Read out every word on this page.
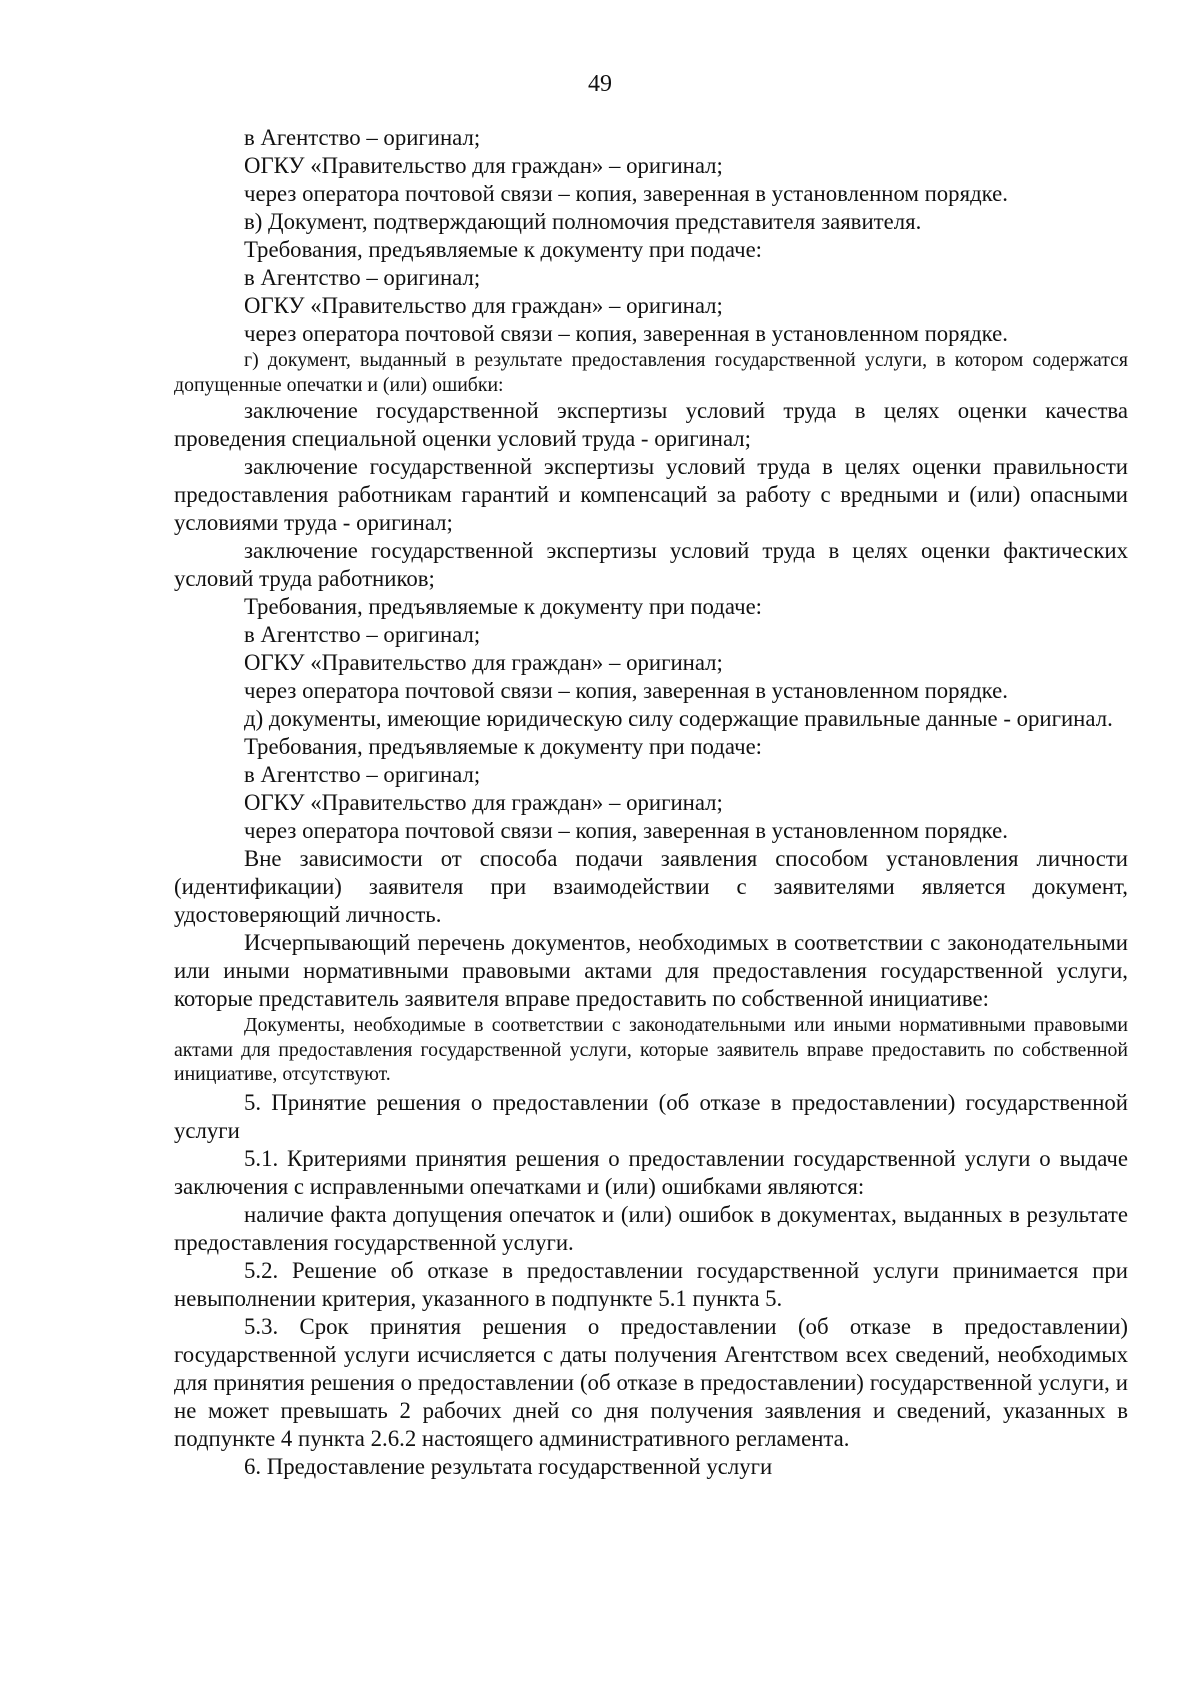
49

в Агентство – оригинал;

ОГКУ «Правительство для граждан» – оригинал;

через оператора почтовой связи – копия, заверенная в установленном порядке.

в) Документ, подтверждающий полномочия представителя заявителя.

Требования, предъявляемые к документу при подаче:

в Агентство – оригинал;

ОГКУ «Правительство для граждан» – оригинал;

через оператора почтовой связи – копия, заверенная в установленном порядке.

г) документ, выданный в результате предоставления государственной услуги, в котором содержатся допущенные опечатки и (или) ошибки:

заключение государственной экспертизы условий труда в целях оценки качества проведения специальной оценки условий труда - оригинал;

заключение государственной экспертизы условий труда в целях оценки правильности предоставления работникам гарантий и компенсаций за работу с вредными и (или) опасными условиями труда - оригинал;

заключение государственной экспертизы условий труда в целях оценки фактических условий труда работников;

Требования, предъявляемые к документу при подаче:

в Агентство – оригинал;

ОГКУ «Правительство для граждан» – оригинал;

через оператора почтовой связи – копия, заверенная в установленном порядке.

д) документы, имеющие юридическую силу содержащие правильные данные - оригинал.

Требования, предъявляемые к документу при подаче:

в Агентство – оригинал;

ОГКУ «Правительство для граждан» – оригинал;

через оператора почтовой связи – копия, заверенная в установленном порядке.

Вне зависимости от способа подачи заявления способом установления личности (идентификации) заявителя при взаимодействии с заявителями является документ, удостоверяющий личность.

Исчерпывающий перечень документов, необходимых в соответствии с законодательными или иными нормативными правовыми актами для предоставления государственной услуги, которые представитель заявителя вправе предоставить по собственной инициативе:

Документы, необходимые в соответствии с законодательными или иными нормативными правовыми актами для предоставления государственной услуги, которые заявитель вправе предоставить по собственной инициативе, отсутствуют.

5. Принятие решения о предоставлении (об отказе в предоставлении) государственной услуги

5.1. Критериями принятия решения о предоставлении государственной услуги о выдаче заключения с исправленными опечатками и (или) ошибками являются:

наличие факта допущения опечаток и (или) ошибок в документах, выданных в результате предоставления государственной услуги.

5.2. Решение об отказе в предоставлении государственной услуги принимается при невыполнении критерия, указанного в подпункте 5.1 пункта 5.

5.3. Срок принятия решения о предоставлении (об отказе в предоставлении) государственной услуги исчисляется с даты получения Агентством всех сведений, необходимых для принятия решения о предоставлении (об отказе в предоставлении) государственной услуги, и не может превышать 2 рабочих дней со дня получения заявления и сведений, указанных в подпункте 4 пункта 2.6.2 настоящего административного регламента.

6. Предоставление результата государственной услуги
